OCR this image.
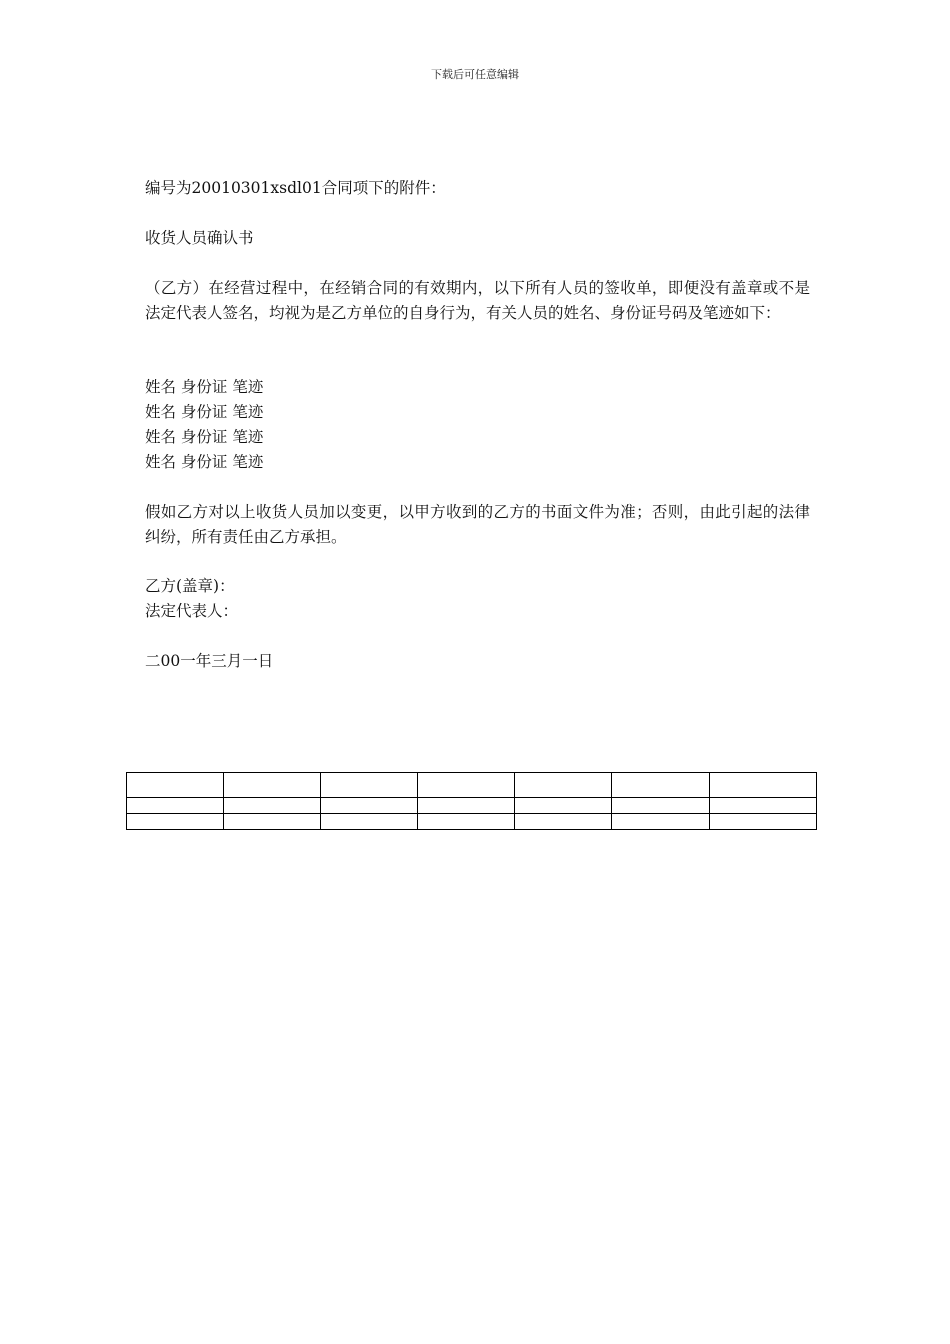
下载后可任意编辑
编号为20010301xsdl01合同项下的附件：
收货人员确认书
（乙方）在经营过程中，在经销合同的有效期内，以下所有人员的签收单，即便没有盖章或不是法定代表人签名，均视为是乙方单位的自身行为，有关人员的姓名、身份证号码及笔迹如下：
姓名 身份证 笔迹
姓名 身份证 笔迹
姓名 身份证 笔迹
姓名 身份证 笔迹
假如乙方对以上收货人员加以变更，以甲方收到的乙方的书面文件为准；否则，由此引起的法律纠纷，所有责任由乙方承担。
乙方(盖章)：
法定代表人：
二00一年三月一日
